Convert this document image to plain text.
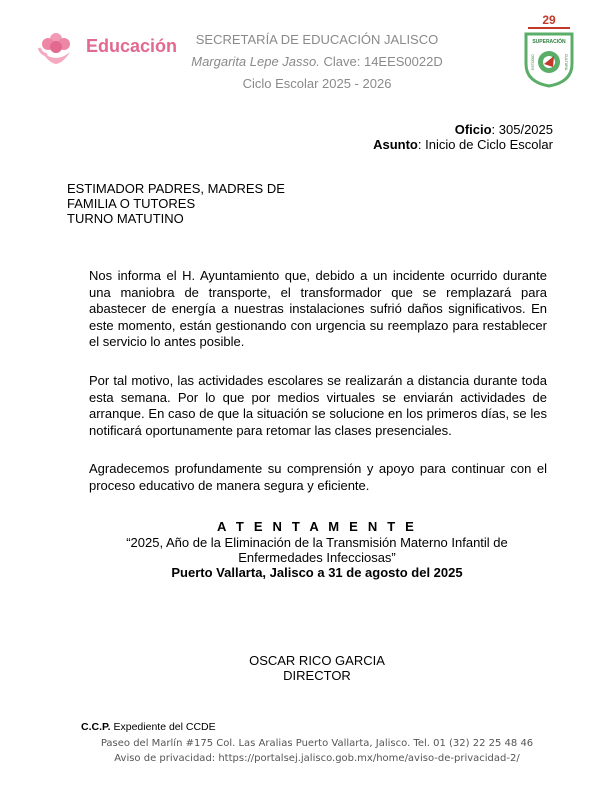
Educación	SECRETARÍA DE EDUCACIÓN JALISCO
Margarita Lepe Jasso. Clave: 14EES0022D
Ciclo Escolar 2025 - 2026
29
SUPERACIÓN
ESTUDIO	CULTURA
Oficio: 305/2025
Asunto: Inicio de Ciclo Escolar
ESTIMADOR PADRES, MADRES DE
FAMILIA O TUTORES
TURNO MATUTINO

Nos informa el H. Ayuntamiento que, debido a un incidente ocurrido durante una maniobra de transporte, el transformador que se remplazará para abastecer de energía a nuestras instalaciones sufrió daños significativos. En este momento, están gestionando con urgencia su reemplazo para restablecer el servicio lo antes posible.

Por tal motivo, las actividades escolares se realizarán a distancia durante toda esta semana. Por lo que por medios virtuales se enviarán actividades de arranque. En caso de que la situación se solucione en los primeros días, se les notificará oportunamente para retomar las clases presenciales.

Agradecemos profundamente su comprensión y apoyo para continuar con el proceso educativo de manera segura y eficiente.

A T E N T A M E N T E
“2025, Año de la Eliminación de la Transmisión Materno Infantil de
Enfermedades Infecciosas”
Puerto Vallarta, Jalisco a 31 de agosto del 2025
OSCAR RICO GARCIA
DIRECTOR
C.C.P. Expediente del CCDE
Paseo del Marlín #175 Col. Las Aralias Puerto Vallarta, Jalisco. Tel. 01 (32) 22 25 48 46
Aviso de privacidad: https://portalsej.jalisco.gob.mx/home/aviso-de-privacidad-2/
